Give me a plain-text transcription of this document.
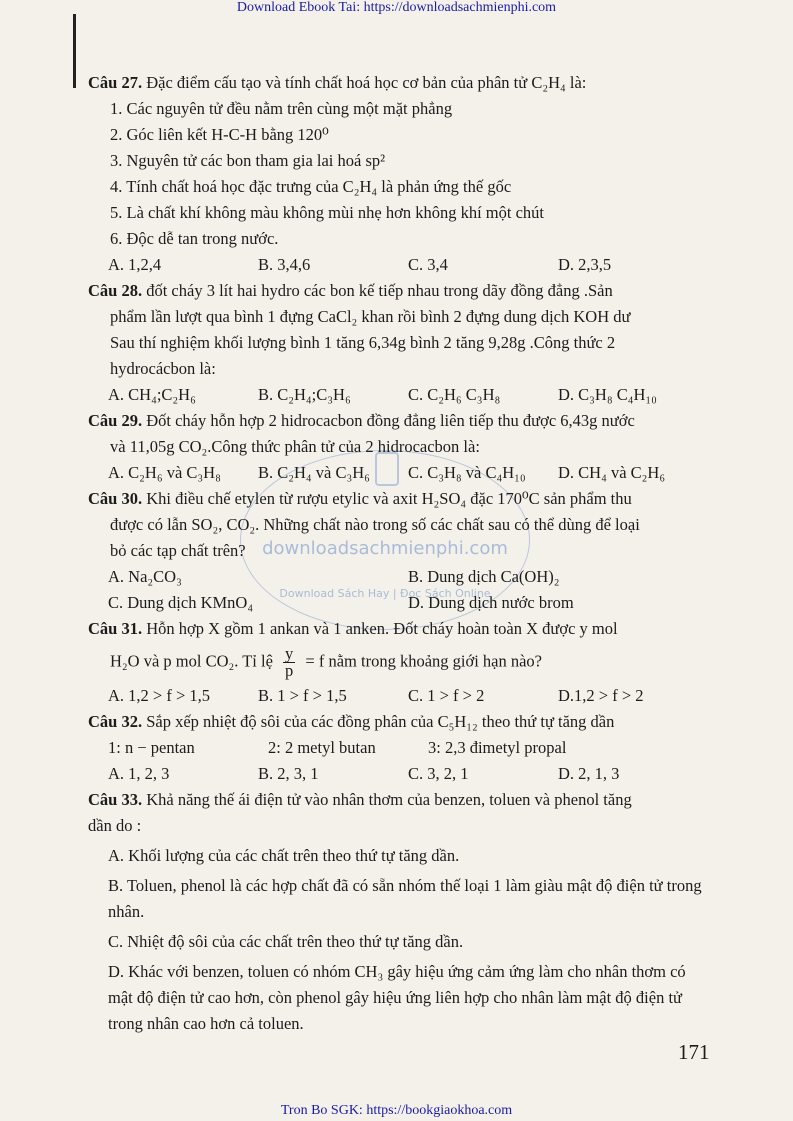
Download Ebook Tai: https://downloadsachmienphi.com
downloadsachmienphi.com
Download Sách Hay | Đọc Sách Online

Câu 27. Đặc điểm cấu tạo và tính chất hoá học cơ bản của phân tử C₂H₄ là:

1. Các nguyên tử đều nằm trên cùng một mặt phẳng
2. Góc liên kết H-C-H bằng 120⁰
3. Nguyên tử các bon tham gia lai hoá sp²
4. Tính chất hoá học đặc trưng của C₂H₄ là phản ứng thế gốc
5. Là chất khí không màu không mùi nhẹ hơn không khí một chút
6. Độc dễ tan trong nước.
A. 1,2,4	B. 3,4,6	C. 3,4	D. 2,3,5

Câu 28. đốt cháy 3 lít hai hydro các bon kế tiếp nhau trong dãy đồng đẳng .Sản

phẩm lần lượt qua bình 1 đựng CaCl₂ khan rồi bình 2 đựng dung dịch KOH dư
Sau thí nghiệm khối lượng bình 1 tăng 6,34g bình 2 tăng 9,28g .Công thức 2
hydrocácbon là:
A. CH₄;C₂H₆	B. C₂H₄;C₃H₆	C. C₂H₆ C₃H₈	D. C₃H₈ C₄H₁₀

Câu 29. Đốt cháy hỗn hợp 2 hidrocacbon đồng đẳng liên tiếp thu được 6,43g nước

và 11,05g CO₂.Công thức phân tử của 2 hidrocacbon là:
A. C₂H₆ và C₃H₈	B. C₂H₄ và C₃H₆	C. C₃H₈ và C₄H₁₀	D. CH₄ và C₂H₆

Câu 30. Khi điều chế etylen từ rượu etylic và axit H₂SO₄ đặc 170⁰C sản phẩm thu

được có lẫn SO₂, CO₂. Những chất nào trong số các chất sau có thể dùng để loại
bỏ các tạp chất trên?
A. Na₂CO₃	B. Dung dịch Ca(OH)₂
C. Dung dịch KMnO₄	D. Dung dịch nước brom

Câu 31. Hỗn hợp X gồm 1 ankan và 1 anken. Đốt cháy hoàn toàn X được y mol

H₂O và p mol CO₂. Tỉ lệ $\frac{y}{p} = f$ nằm trong khoảng giới hạn nào?
A. 1,2 > f > 1,5	B. 1 > f > 1,5	C. 1 > f > 2	D.1,2 > f > 2

Câu 32. Sắp xếp nhiệt độ sôi của các đồng phân của C₅H₁₂ theo thứ tự tăng dần

1: n − pentan	2: 2 metyl butan	3: 2,3 đimetyl propal
A. 1, 2, 3	B. 2, 3, 1	C. 3, 2, 1	D. 2, 1, 3

Câu 33. Khả năng thế ái điện tử vào nhân thơm của benzen, toluen và phenol tăng

dần do :
A. Khối lượng của các chất trên theo thứ tự tăng dần.
B. Toluen, phenol là các hợp chất đã có sẵn nhóm thế loại 1 làm giàu mật độ điện tử trong nhân.
C. Nhiệt độ sôi của các chất trên theo thứ tự tăng dần.
D. Khác với benzen, toluen có nhóm CH₃ gây hiệu ứng cảm ứng làm cho nhân thơm có mật độ điện tử cao hơn, còn phenol gây hiệu ứng liên hợp cho nhân làm mật độ điện tử trong nhân cao hơn cả toluen.
171
Tron Bo SGK: https://bookgiaokhoa.com
